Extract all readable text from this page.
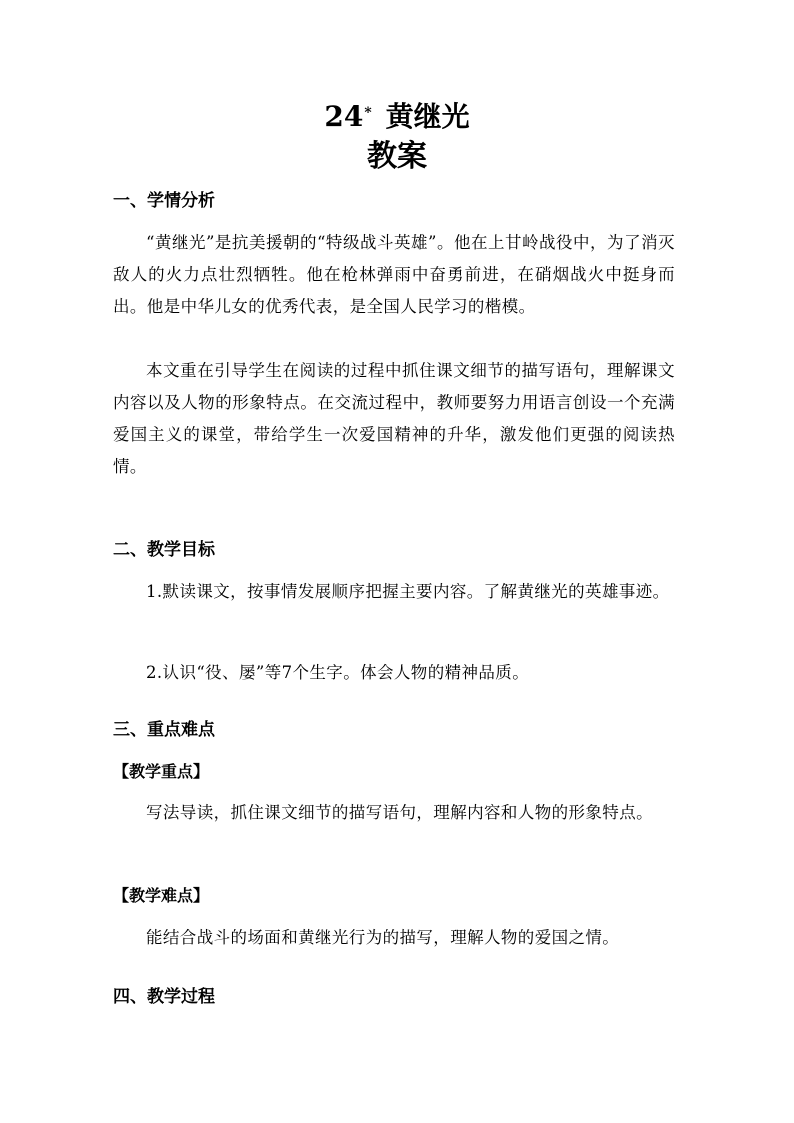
24* 黄继光
教案
一、学情分析
“黄继光”是抗美援朝的“特级战斗英雄”。他在上甘岭战役中，为了消灭敌人的火力点壮烈牺牲。他在枪林弹雨中奋勇前进，在硝烟战火中挺身而出。他是中华儿女的优秀代表，是全国人民学习的楷模。
本文重在引导学生在阅读的过程中抓住课文细节的描写语句，理解课文内容以及人物的形象特点。在交流过程中，教师要努力用语言创设一个充满爱国主义的课堂，带给学生一次爱国精神的升华，激发他们更强的阅读热情。
二、教学目标
1.默读课文，按事情发展顺序把握主要内容。了解黄继光的英雄事迹。
2.认识“役、屡”等7个生字。体会人物的精神品质。
三、重点难点
【教学重点】
写法导读，抓住课文细节的描写语句，理解内容和人物的形象特点。
【教学难点】
能结合战斗的场面和黄继光行为的描写，理解人物的爱国之情。
四、教学过程
